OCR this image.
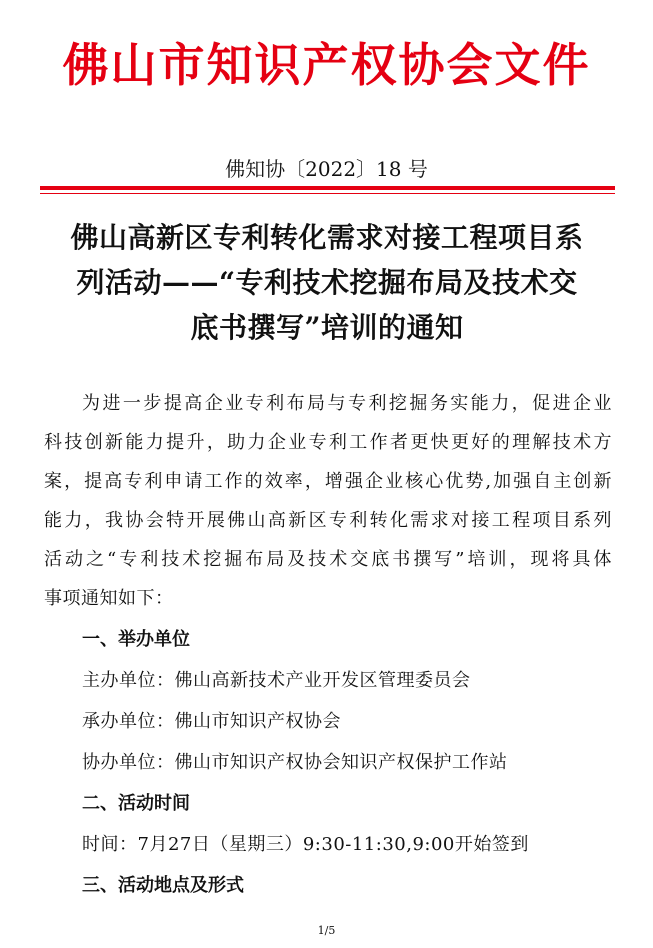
佛山市知识产权协会文件
佛知协〔2022〕18 号
佛山高新区专利转化需求对接工程项目系
列活动——“专利技术挖掘布局及技术交
底书撰写”培训的通知
为进一步提高企业专利布局与专利挖掘务实能力，促进企业
科技创新能力提升，助力企业专利工作者更快更好的理解技术方
案，提高专利申请工作的效率，增强企业核心优势,加强自主创新
能力，我协会特开展佛山高新区专利转化需求对接工程项目系列
活动之“专利技术挖掘布局及技术交底书撰写”培训，现将具体
事项通知如下：
一、举办单位
主办单位：佛山高新技术产业开发区管理委员会
承办单位：佛山市知识产权协会
协办单位：佛山市知识产权协会知识产权保护工作站
二、活动时间
时间：7月27日（星期三）9:30-11:30,9:00开始签到
三、活动地点及形式
1/5
